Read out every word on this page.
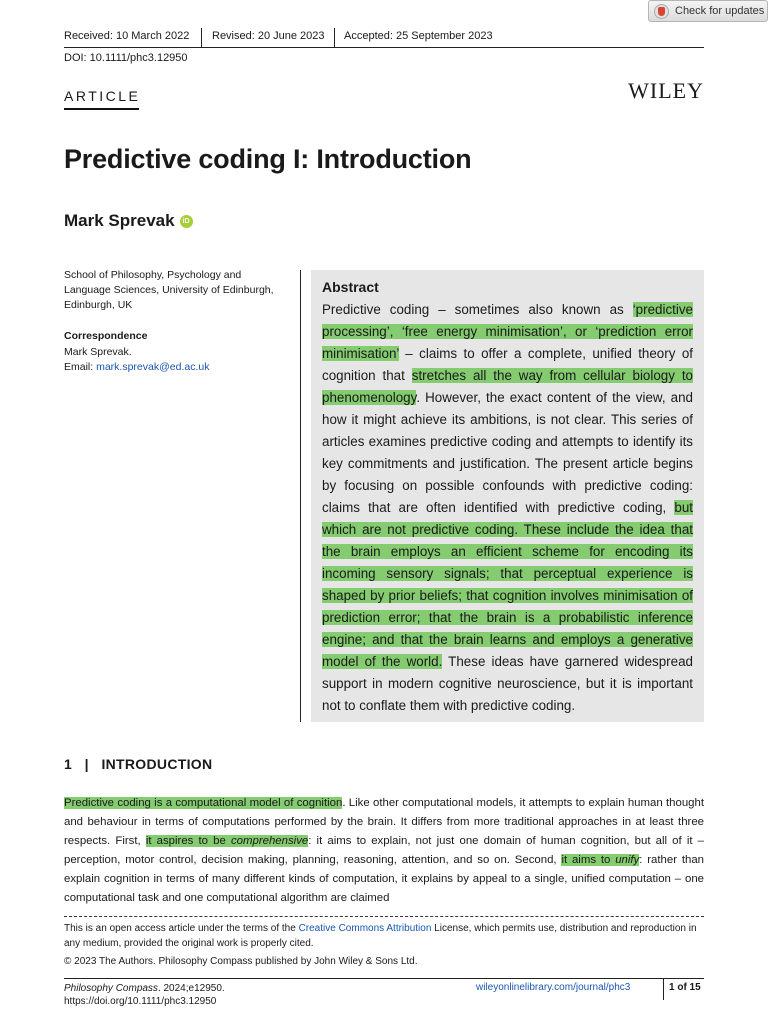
Check for updates
Received: 10 March 2022 Revised: 20 June 2023 Accepted: 25 September 2023
DOI: 10.1111/phc3.12950
ARTICLE	WILEY
Predictive coding I: Introduction
Mark Sprevak	iD
School of Philosophy, Psychology and
Language Sciences, University of Edinburgh,
Edinburgh, UK
Correspondence
Mark Sprevak.
Email: mark.sprevak@ed.ac.uk
Abstract
Predictive coding – sometimes also known as ‘predictive processing’, ‘free energy minimisation’, or ‘prediction error minimisation’ – claims to offer a complete, unified theory of cognition that stretches all the way from cellular biology to phenomenology. However, the exact content of the view, and how it might achieve its ambitions, is not clear. This series of articles examines predictive coding and attempts to identify its key commitments and justification. The present article begins by focusing on possible confounds with predictive coding: claims that are often identified with predictive coding, but which are not predictive coding. These include the idea that the brain employs an efficient scheme for encoding its incoming sensory signals; that perceptual experience is shaped by prior beliefs; that cognition involves minimisation of prediction error; that the brain is a probabilistic inference engine; and that the brain learns and employs a generative model of the world. These ideas have garnered widespread support in modern cognitive neuroscience, but it is important not to conflate them with predictive coding.
1   |   INTRODUCTION
Predictive coding is a computational model of cognition. Like other computational models, it attempts to explain human thought and behaviour in terms of computations performed by the brain. It differs from more traditional approaches in at least three respects. First, it aspires to be comprehensive: it aims to explain, not just one domain of human cognition, but all of it – perception, motor control, decision making, planning, reasoning, attention, and so on. Second, it aims to unify: rather than explain cognition in terms of many different kinds of computation, it explains by appeal to a single, unified computation – one computational task and one computational algorithm are claimed
This is an open access article under the terms of the Creative Commons Attribution License, which permits use, distribution and reproduction in any medium, provided the original work is properly cited.
© 2023 The Authors. Philosophy Compass published by John Wiley & Sons Ltd.
Philosophy Compass. 2024;e12950.
https://doi.org/10.1111/phc3.12950
wileyonlinelibrary.com/journal/phc3	1 of 15
